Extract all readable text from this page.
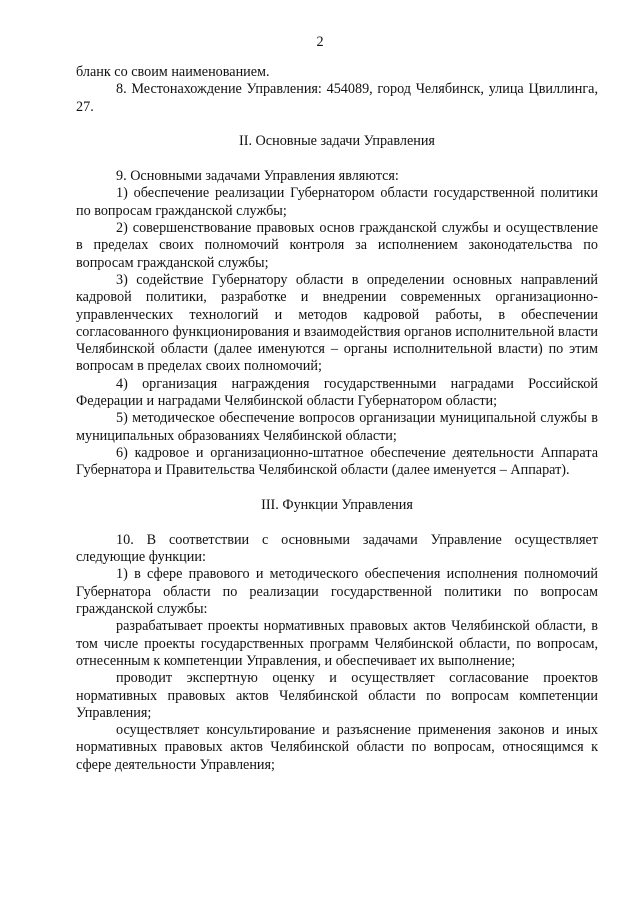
2

бланк со своим наименованием.

8. Местонахождение Управления: 454089, город Челябинск, улица Цвиллинга, 27.

II. Основные задачи Управления

9. Основными задачами Управления являются:

1) обеспечение реализации Губернатором области государственной политики по вопросам гражданской службы;

2) совершенствование правовых основ гражданской службы и осуществление в пределах своих полномочий контроля за исполнением законодательства по вопросам гражданской службы;

3) содействие Губернатору области в определении основных направлений кадровой политики, разработке и внедрении современных организационно-управленческих технологий и методов кадровой работы, в обеспечении согласованного функционирования и взаимодействия органов исполнительной власти Челябинской области (далее именуются – органы исполнительной власти) по этим вопросам в пределах своих полномочий;

4) организация награждения государственными наградами Российской Федерации и наградами Челябинской области Губернатором области;

5) методическое обеспечение вопросов организации муниципальной службы в муниципальных образованиях Челябинской области;

6) кадровое и организационно-штатное обеспечение деятельности Аппарата Губернатора и Правительства Челябинской области (далее именуется – Аппарат).

III. Функции Управления

10. В соответствии с основными задачами Управление осуществляет следующие функции:

1) в сфере правового и методического обеспечения исполнения полномочий Губернатора области по реализации государственной политики по вопросам гражданской службы:

разрабатывает проекты нормативных правовых актов Челябинской области, в том числе проекты государственных программ Челябинской области, по вопросам, отнесенным к компетенции Управления, и обеспечивает их выполнение;

проводит экспертную оценку и осуществляет согласование проектов нормативных правовых актов Челябинской области по вопросам компетенции Управления;

осуществляет консультирование и разъяснение применения законов и иных нормативных правовых актов Челябинской области по вопросам, относящимся к сфере деятельности Управления;
